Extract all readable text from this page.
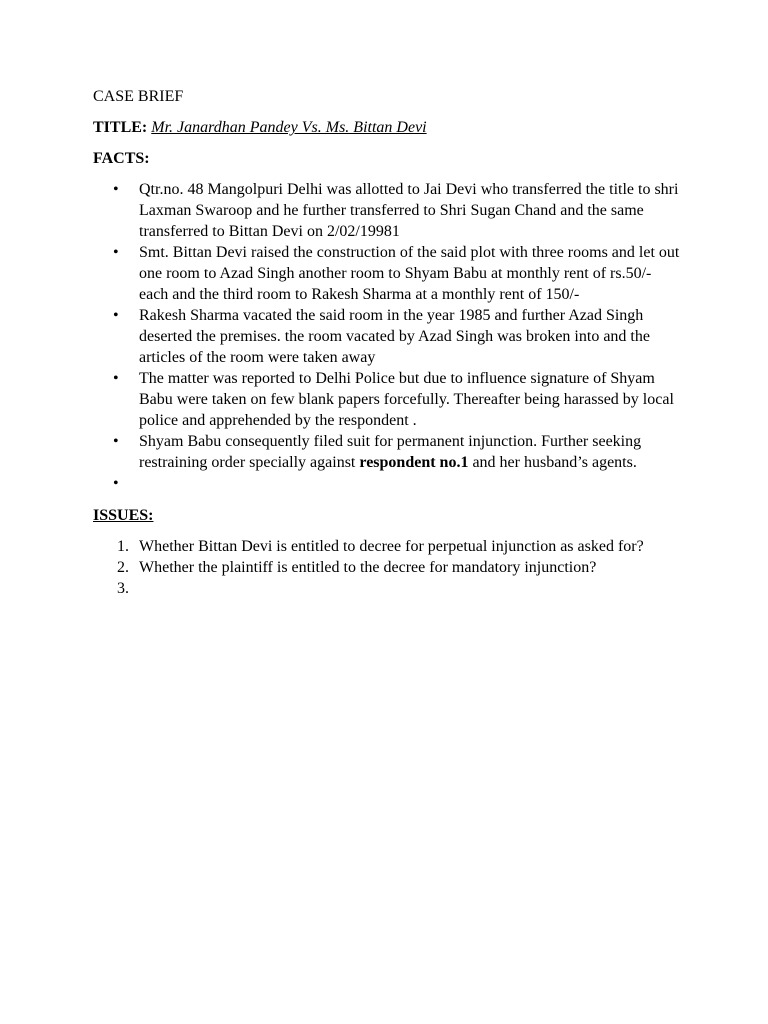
CASE BRIEF
TITLE: Mr. Janardhan Pandey Vs. Ms. Bittan Devi
FACTS:
• Qtr.no. 48 Mangolpuri Delhi was allotted to Jai Devi who transferred the title to shri Laxman Swaroop and he further transferred to Shri Sugan Chand and the same transferred to Bittan Devi on 2/02/19981
• Smt. Bittan Devi raised the construction of the said plot with three rooms and let out one room to Azad Singh another room to Shyam Babu at monthly rent of rs.50/- each and the third room to Rakesh Sharma at a monthly rent of 150/-
• Rakesh Sharma vacated the said room in the year 1985 and further Azad Singh deserted the premises. the room vacated by Azad Singh was broken into and the articles of the room were taken away
• The matter was reported to Delhi Police but due to influence signature of Shyam Babu were taken on few blank papers forcefully. Thereafter being harassed by local police and apprehended by the respondent .
• Shyam Babu consequently filed suit for permanent injunction. Further seeking restraining order specially against respondent no.1 and her husband’s agents.
•
ISSUES:
1. Whether Bittan Devi is entitled to decree for perpetual injunction as asked for?
2. Whether the plaintiff is entitled to the decree for mandatory injunction?
3.
